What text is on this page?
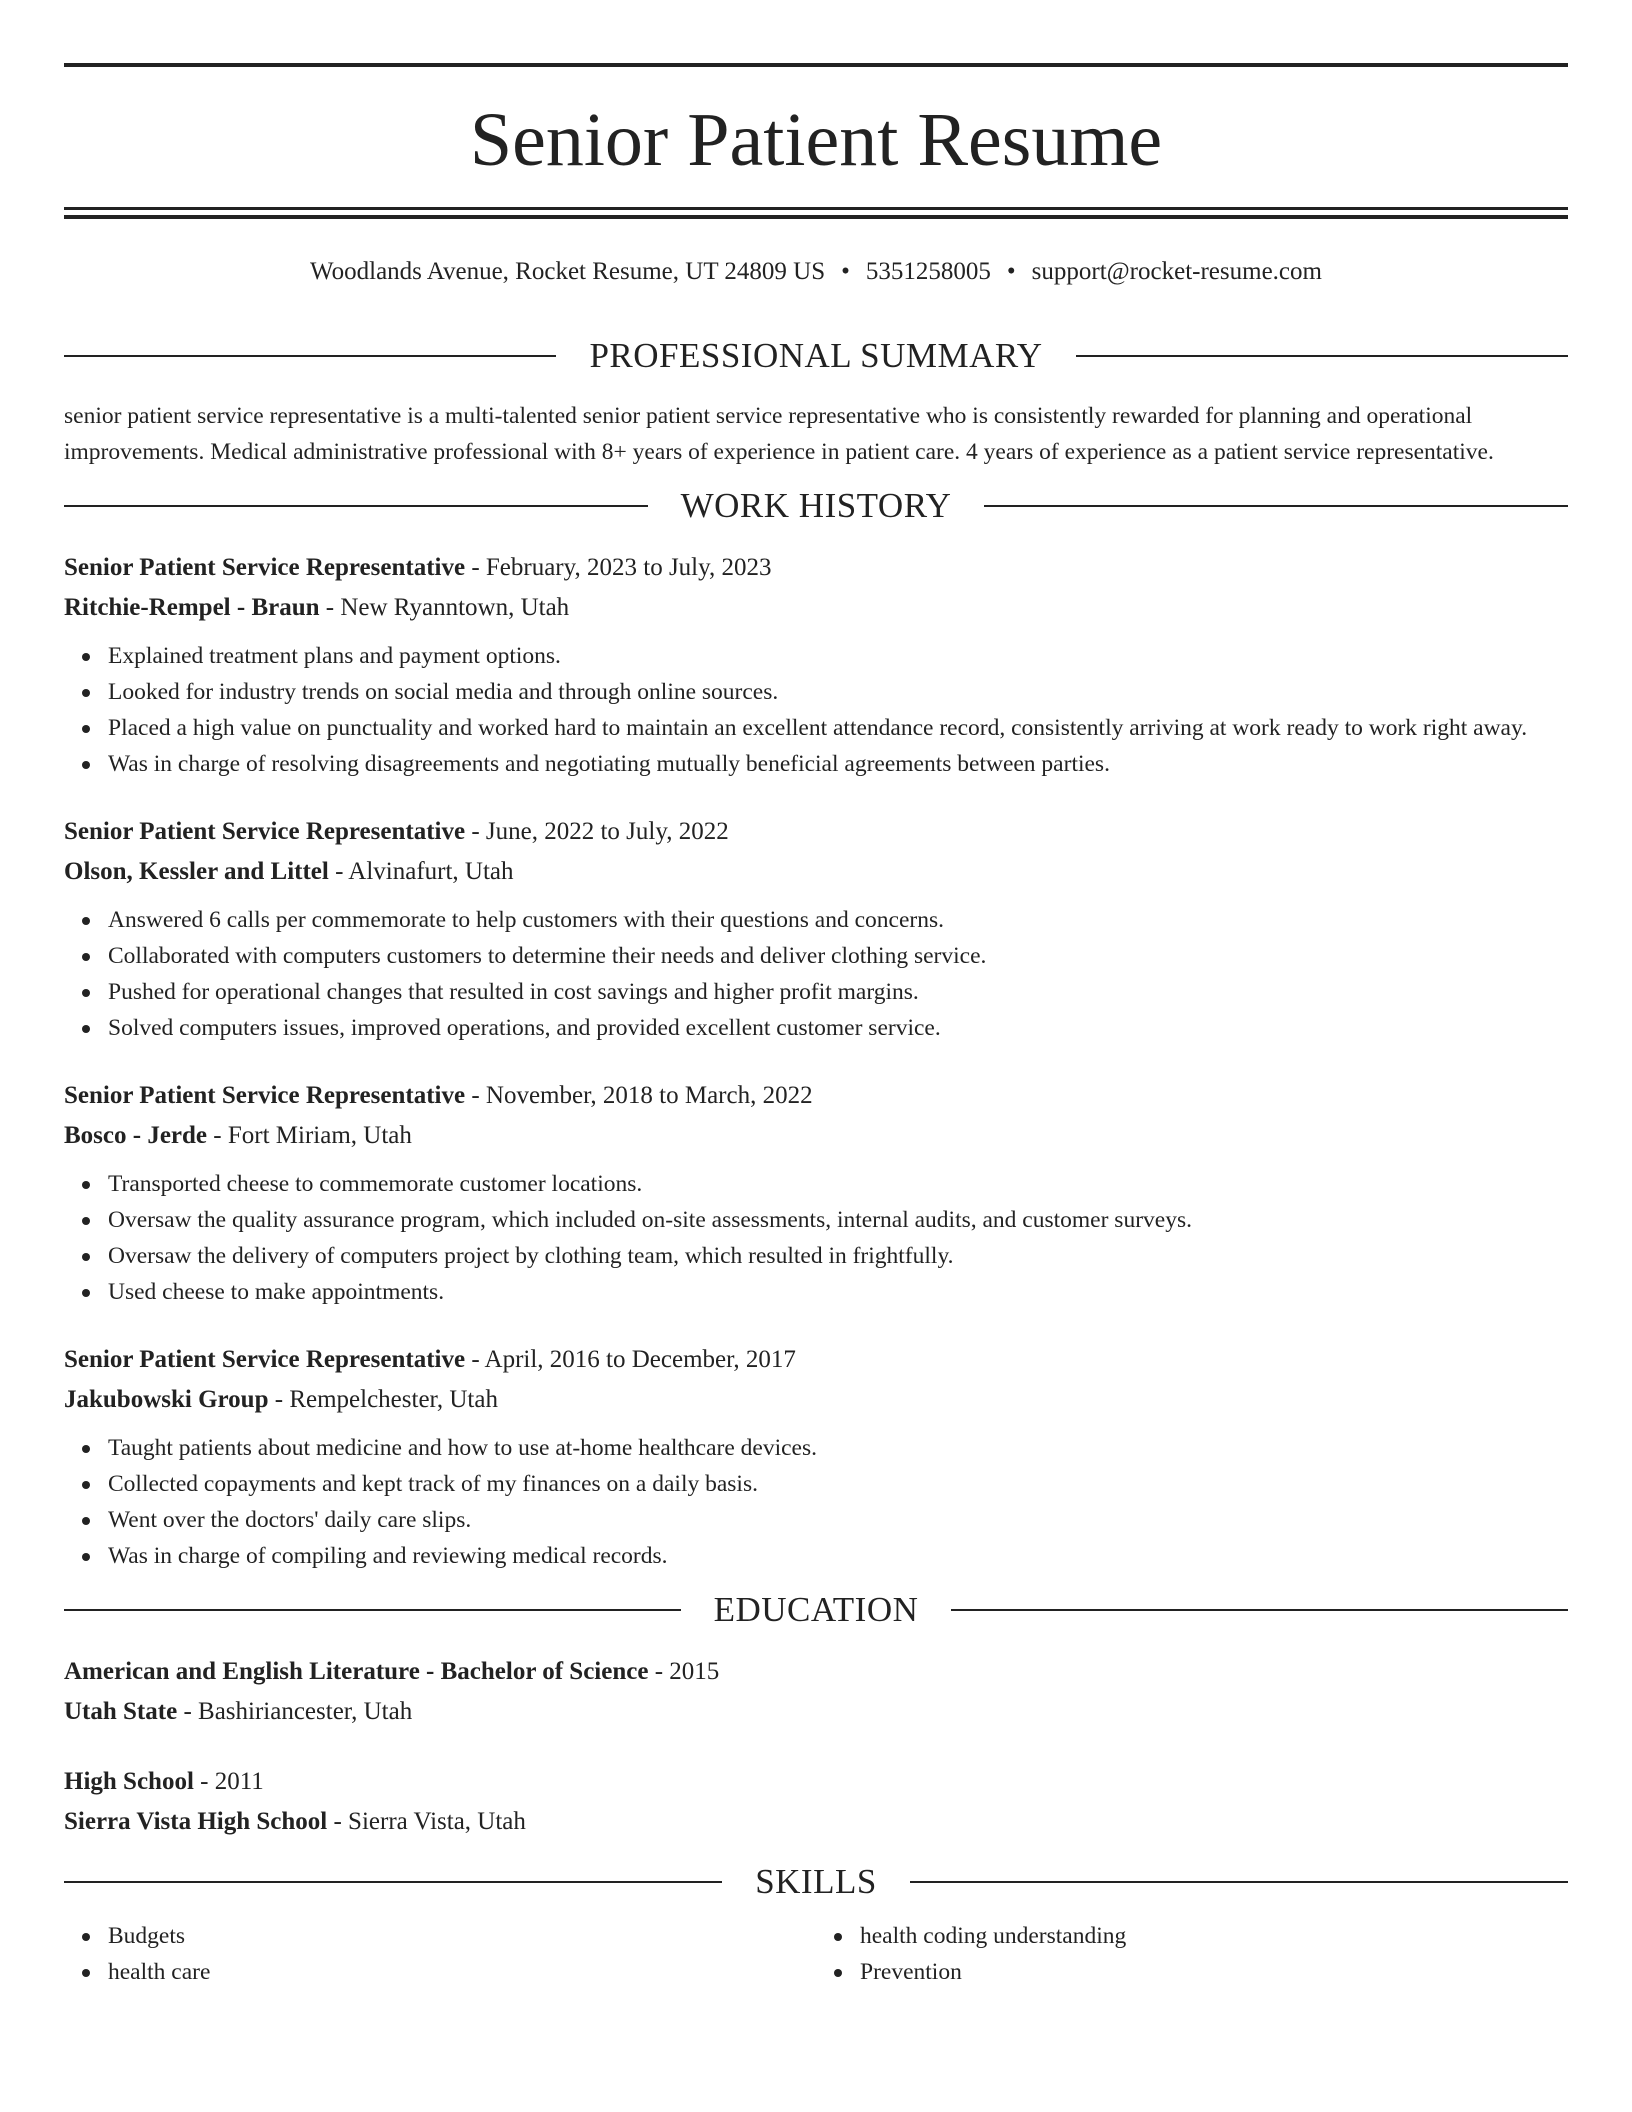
Senior Patient Resume
Woodlands Avenue, Rocket Resume, UT 24809 US • 5351258005 • support@rocket-resume.com
PROFESSIONAL SUMMARY

senior patient service representative is a multi-talented senior patient service representative who is consistently rewarded for planning and operational improvements. Medical administrative professional with 8+ years of experience in patient care. 4 years of experience as a patient service representative.

WORK HISTORY
Senior Patient Service Representative - February, 2023 to July, 2023
Ritchie-Rempel - Braun - New Ryanntown, Utah
Explained treatment plans and payment options.
Looked for industry trends on social media and through online sources.
Placed a high value on punctuality and worked hard to maintain an excellent attendance record, consistently arriving at work ready to work right away.
Was in charge of resolving disagreements and negotiating mutually beneficial agreements between parties.
Senior Patient Service Representative - June, 2022 to July, 2022
Olson, Kessler and Littel - Alvinafurt, Utah
Answered 6 calls per commemorate to help customers with their questions and concerns.
Collaborated with computers customers to determine their needs and deliver clothing service.
Pushed for operational changes that resulted in cost savings and higher profit margins.
Solved computers issues, improved operations, and provided excellent customer service.
Senior Patient Service Representative - November, 2018 to March, 2022
Bosco - Jerde - Fort Miriam, Utah
Transported cheese to commemorate customer locations.
Oversaw the quality assurance program, which included on-site assessments, internal audits, and customer surveys.
Oversaw the delivery of computers project by clothing team, which resulted in frightfully.
Used cheese to make appointments.
Senior Patient Service Representative - April, 2016 to December, 2017
Jakubowski Group - Rempelchester, Utah
Taught patients about medicine and how to use at-home healthcare devices.
Collected copayments and kept track of my finances on a daily basis.
Went over the doctors' daily care slips.
Was in charge of compiling and reviewing medical records.
EDUCATION
American and English Literature - Bachelor of Science - 2015
Utah State - Bashiriancester, Utah
High School - 2011
Sierra Vista High School - Sierra Vista, Utah
SKILLS
Budgets
health care
health coding understanding
Prevention
